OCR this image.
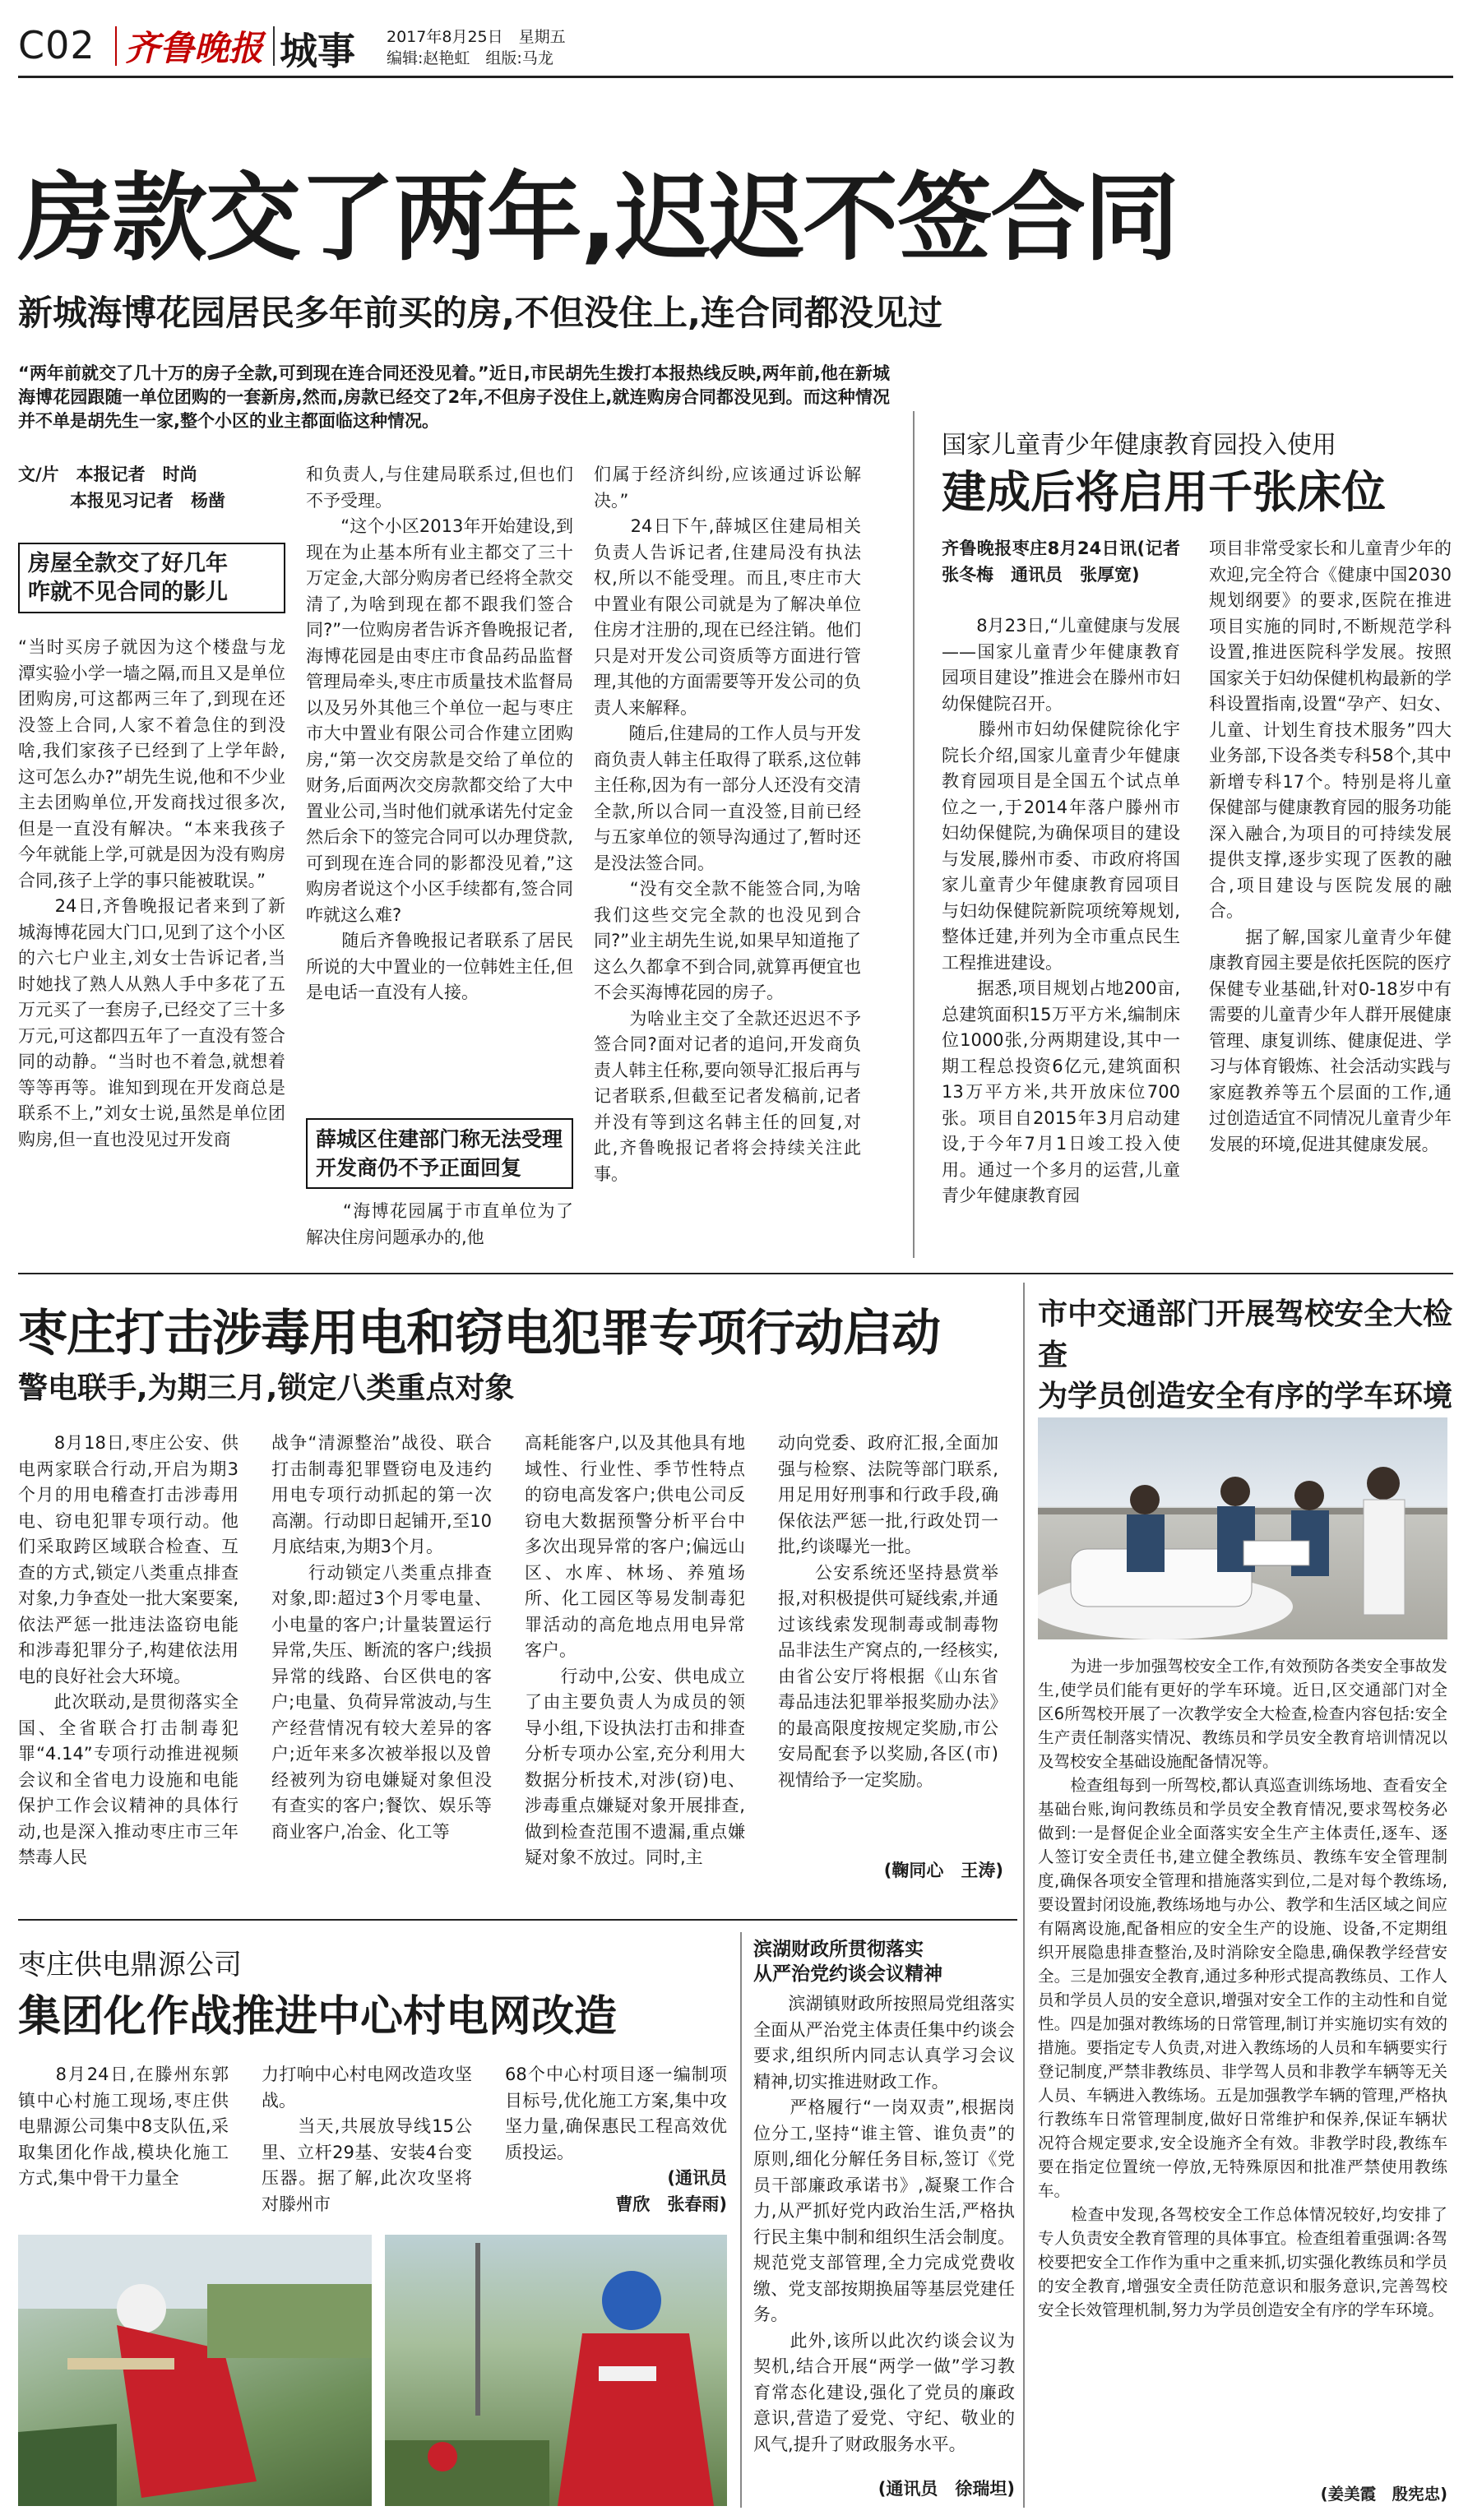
C02 齐鲁晚报 城事 2017年8月25日　 星期五
编辑:赵艳虹　 组版:马龙
房款交了两年,迟迟不签合同
新城海博花园居民多年前买的房,不但没住上,连合同都没见过
“两年前就交了几十万的房子全款,可到现在连合同还没见着。”近日,市民胡先生拨打本报热线反映,两年前,他在新城海博花园跟随一单位团购的一套新房,然而,房款已经交了2年,不但房子没住上,就连购房合同都没见到。而这种情况并不单是胡先生一家,整个小区的业主都面临这种情况。
文/片　本报记者　时尚
　　　本报见习记者　杨凿
房屋全款交了好几年
咋就不见合同的影儿
“当时买房子就因为这个楼盘与龙潭实验小学一墙之隔,而且又是单位团购房,可这都两三年了,到现在还没签上合同,人家不着急住的到没啥,我们家孩子已经到了上学年龄,这可怎么办?”胡先生说,他和不少业主去团购单位,开发商找过很多次,但是一直没有解决。“本来我孩子今年就能上学,可就是因为没有购房合同,孩子上学的事只能被耽误。”
　　24日,齐鲁晚报记者来到了新城海博花园大门口,见到了这个小区的六七户业主,刘女士告诉记者,当时她找了熟人从熟人手中多花了五万元买了一套房子,已经交了三十多万元,可这都四五年了一直没有签合同的动静。“当时也不着急,就想着等等再等。谁知到现在开发商总是联系不上,”刘女士说,虽然是单位团购房,但一直也没见过开发商
和负责人,与住建局联系过,但也们不予受理。
　　“这个小区2013年开始建设,到现在为止基本所有业主都交了三十万定金,大部分购房者已经将全款交清了,为啥到现在都不跟我们签合同?”一位购房者告诉齐鲁晚报记者,海博花园是由枣庄市食品药品监督管理局牵头,枣庄市质量技术监督局以及另外其他三个单位一起与枣庄市大中置业有限公司合作建立团购房,“第一次交房款是交给了单位的财务,后面两次交房款都交给了大中置业公司,当时他们就承诺先付定金然后余下的签完合同可以办理贷款,可到现在连合同的影都没见着,”这购房者说这个小区手续都有,签合同咋就这么难?
　　随后齐鲁晚报记者联系了居民所说的大中置业的一位韩姓主任,但是电话一直没有人接。
薛城区住建部门称无法受理
开发商仍不予正面回复
　　“海博花园属于市直单位为了解决住房问题承办的,他
们属于经济纠纷,应该通过诉讼解决。”
　　24日下午,薛城区住建局相关负责人告诉记者,住建局没有执法权,所以不能受理。而且,枣庄市大中置业有限公司就是为了解决单位住房才注册的,现在已经注销。他们只是对开发公司资质等方面进行管理,其他的方面需要等开发公司的负责人来解释。
　　随后,住建局的工作人员与开发商负责人韩主任取得了联系,这位韩主任称,因为有一部分人还没有交清全款,所以合同一直没签,目前已经与五家单位的领导沟通过了,暂时还是没法签合同。
　　“没有交全款不能签合同,为啥我们这些交完全款的也没见到合同?”业主胡先生说,如果早知道拖了这么久都拿不到合同,就算再便宜也不会买海博花园的房子。
　　为啥业主交了全款还迟迟不予签合同?面对记者的追问,开发商负责人韩主任称,要向领导汇报后再与记者联系,但截至记者发稿前,记者并没有等到这名韩主任的回复,对此,齐鲁晚报记者将会持续关注此事。
国家儿童青少年健康教育园投入使用
建成后将启用千张床位
齐鲁晚报枣庄8月24日讯(记者　张冬梅　通讯员　张厚宽)
　　8月23日,“儿童健康与发展——国家儿童青少年健康教育园项目建设”推进会在滕州市妇幼保健院召开。
　　滕州市妇幼保健院徐化宇院长介绍,国家儿童青少年健康教育园项目是全国五个试点单位之一,于2014年落户滕州市妇幼保健院,为确保项目的建设与发展,滕州市委、市政府将国家儿童青少年健康教育园项目与妇幼保健院新院项统筹规划,整体迁建,并列为全市重点民生工程推进建设。
　　据悉,项目规划占地200亩,总建筑面积15万平方米,编制床位1000张,分两期建设,其中一期工程总投资6亿元,建筑面积13万平方米,共开放床位700张。项目自2015年3月启动建设,于今年7月1日竣工投入使用。通过一个多月的运营,儿童青少年健康教育园
项目非常受家长和儿童青少年的欢迎,完全符合《健康中国2030规划纲要》的要求,医院在推进项目实施的同时,不断规范学科设置,推进医院科学发展。按照国家关于妇幼保健机构最新的学科设置指南,设置“孕产、妇女、儿童、计划生育技术服务”四大业务部,下设各类专科58个,其中新增专科17个。特别是将儿童保健部与健康教育园的服务功能深入融合,为项目的可持续发展提供支撑,逐步实现了医教的融合,项目建设与医院发展的融合。
　　据了解,国家儿童青少年健康教育园主要是依托医院的医疗保健专业基础,针对0-18岁中有需要的儿童青少年人群开展健康管理、康复训练、健康促进、学习与体育锻炼、社会活动实践与家庭教养等五个层面的工作,通过创造适宜不同情况儿童青少年发展的环境,促进其健康发展。
枣庄打击涉毒用电和窃电犯罪专项行动启动
警电联手,为期三月,锁定八类重点对象
　　8月18日,枣庄公安、供电两家联合行动,开启为期3个月的用电稽查打击涉毒用电、窃电犯罪专项行动。他们采取跨区域联合检查、互查的方式,锁定八类重点排查对象,力争查处一批大案要案,依法严惩一批违法盗窃电能和涉毒犯罪分子,构建依法用电的良好社会大环境。
　　此次联动,是贯彻落实全国、全省联合打击制毒犯罪“4.14”专项行动推进视频会议和全省电力设施和电能保护工作会议精神的具体行动,也是深入推动枣庄市三年禁毒人民
战争“清源整治”战役、联合打击制毒犯罪暨窃电及违约用电专项行动抓起的第一次高潮。行动即日起铺开,至10月底结束,为期3个月。
　　行动锁定八类重点排查对象,即:超过3个月零电量、小电量的客户;计量装置运行异常,失压、断流的客户;线损异常的线路、台区供电的客户;电量、负荷异常波动,与生产经营情况有较大差异的客户;近年来多次被举报以及曾经被列为窃电嫌疑对象但没有查实的客户;餐饮、娱乐等商业客户,冶金、化工等
高耗能客户,以及其他具有地域性、行业性、季节性特点的窃电高发客户;供电公司反窃电大数据预警分析平台中多次出现异常的客户;偏远山区、水库、林场、养殖场所、化工园区等易发制毒犯罪活动的高危地点用电异常客户。
　　行动中,公安、供电成立了由主要负责人为成员的领导小组,下设执法打击和排查分析专项办公室,充分利用大数据分析技术,对涉(窃)电、涉毒重点嫌疑对象开展排查,做到检查范围不遗漏,重点嫌疑对象不放过。同时,主
动向党委、政府汇报,全面加强与检察、法院等部门联系,用足用好刑事和行政手段,确保依法严惩一批,行政处罚一批,约谈曝光一批。
　　公安系统还坚持悬赏举报,对积极提供可疑线索,并通过该线索发现制毒或制毒物品非法生产窝点的,一经核实,由省公安厅将根据《山东省毒品违法犯罪举报奖励办法》的最高限度按规定奖励,市公安局配套予以奖励,各区(市)视情给予一定奖励。
(鞠同心　王涛)
市中交通部门开展驾校安全大检查
为学员创造安全有序的学车环境
　　为进一步加强驾校安全工作,有效预防各类安全事故发生,使学员们能有更好的学车环境。近日,区交通部门对全区6所驾校开展了一次教学安全大检查,检查内容包括:安全生产责任制落实情况、教练员和学员安全教育培训情况以及驾校安全基础设施配备情况等。
　　检查组每到一所驾校,都认真巡查训练场地、查看安全基础台账,询问教练员和学员安全教育情况,要求驾校务必做到:一是督促企业全面落实安全生产主体责任,逐车、逐人签订安全责任书,建立健全教练员、教练车安全管理制度,确保各项安全管理和措施落实到位,二是对每个教练场,要设置封闭设施,教练场地与办公、教学和生活区域之间应有隔离设施,配备相应的安全生产的设施、设备,不定期组织开展隐患排查整治,及时消除安全隐患,确保教学经营安全。三是加强安全教育,通过多种形式提高教练员、工作人员和学员人员的安全意识,增强对安全工作的主动性和自觉性。四是加强对教练场的日常管理,制订并实施切实有效的措施。要指定专人负责,对进入教练场的人员和车辆要实行登记制度,严禁非教练员、非学驾人员和非教学车辆等无关人员、车辆进入教练场。五是加强教学车辆的管理,严格执行教练车日常管理制度,做好日常维护和保养,保证车辆状况符合规定要求,安全设施齐全有效。非教学时段,教练车要在指定位置统一停放,无特殊原因和批准严禁使用教练车。
　　检查中发现,各驾校安全工作总体情况较好,均安排了专人负责安全教育管理的具体事宜。检查组着重强调:各驾校要把安全工作作为重中之重来抓,切实强化教练员和学员的安全教育,增强安全责任防范意识和服务意识,完善驾校安全长效管理机制,努力为学员创造安全有序的学车环境。
(姜美霞　殷宪忠)
枣庄供电鼎源公司
集团化作战推进中心村电网改造
　　8月24日,在滕州东郭镇中心村施工现场,枣庄供电鼎源公司集中8支队伍,采取集团化作战,模块化施工方式,集中骨干力量全
力打响中心村电网改造攻坚战。
　　当天,共展放导线15公里、立杆29基、安装4台变压器。据了解,此次攻坚将对滕州市
68个中心村项目逐一编制项目标号,优化施工方案,集中攻坚力量,确保惠民工程高效优质投运。
(通讯员
曹欣　张春雨)
滨湖财政所贯彻落实
从严治党约谈会议精神
　　滨湖镇财政所按照局党组落实全面从严治党主体责任集中约谈会要求,组织所内同志认真学习会议精神,切实推进财政工作。
　　严格履行“一岗双责”,根据岗位分工,坚持“谁主管、谁负责”的原则,细化分解任务目标,签订《党员干部廉政承诺书》,凝聚工作合力,从严抓好党内政治生活,严格执行民主集中制和组织生活会制度。规范党支部管理,全力完成党费收缴、党支部按期换届等基层党建任务。
　　此外,该所以此次约谈会议为契机,结合开展“两学一做”学习教育常态化建设,强化了党员的廉政意识,营造了爱党、守纪、敬业的风气,提升了财政服务水平。
(通讯员　徐瑞坦)
